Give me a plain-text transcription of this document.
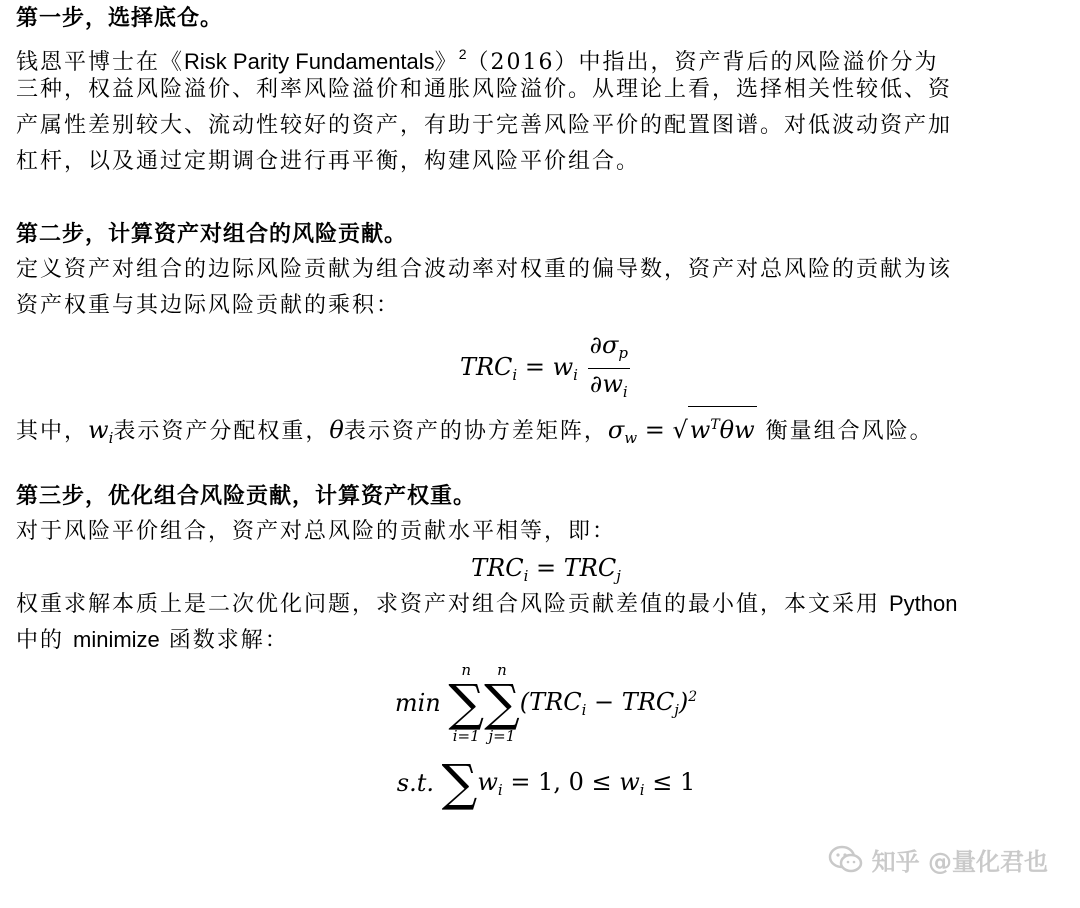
第一步，选择底仓。
钱恩平博士在《Risk Parity Fundamentals》$^2$（2016）中指出，资产背后的风险溢价分为
三种，权益风险溢价、利率风险溢价和通胀风险溢价。从理论上看，选择相关性较低、资
产属性差别较大、流动性较好的资产，有助于完善风险平价的配置图谱。对低波动资产加
杠杆，以及通过定期调仓进行再平衡，构建风险平价组合。
第二步，计算资产对组合的风险贡献。
定义资产对组合的边际风险贡献为组合波动率对权重的偏导数，资产对总风险的贡献为该
资产权重与其边际风险贡献的乘积：
$TRC_i = w_i \frac{\partial\sigma_p}{\partial w_i}$
其中，$w_i$表示资产分配权重，θ表示资产的协方差矩阵，$\sigma_w = √w^T\theta w$ 衡量组合风险。
第三步，优化组合风险贡献，计算资产权重。
对于风险平价组合，资产对总风险的贡献水平相等，即：
$TRC_i = TRC_j$
权重求解本质上是二次优化问题，求资产对组合风险贡献差值的最小值，本文采用 Python
中的 minimize 函数求解：
min
n
∑
i=1
n
∑
j=1
$(TRC_i - TRC_j)^2$
s.t. ∑ $w_i = 1$, $0 \le w_i \le 1$
知乎 @量化君也
